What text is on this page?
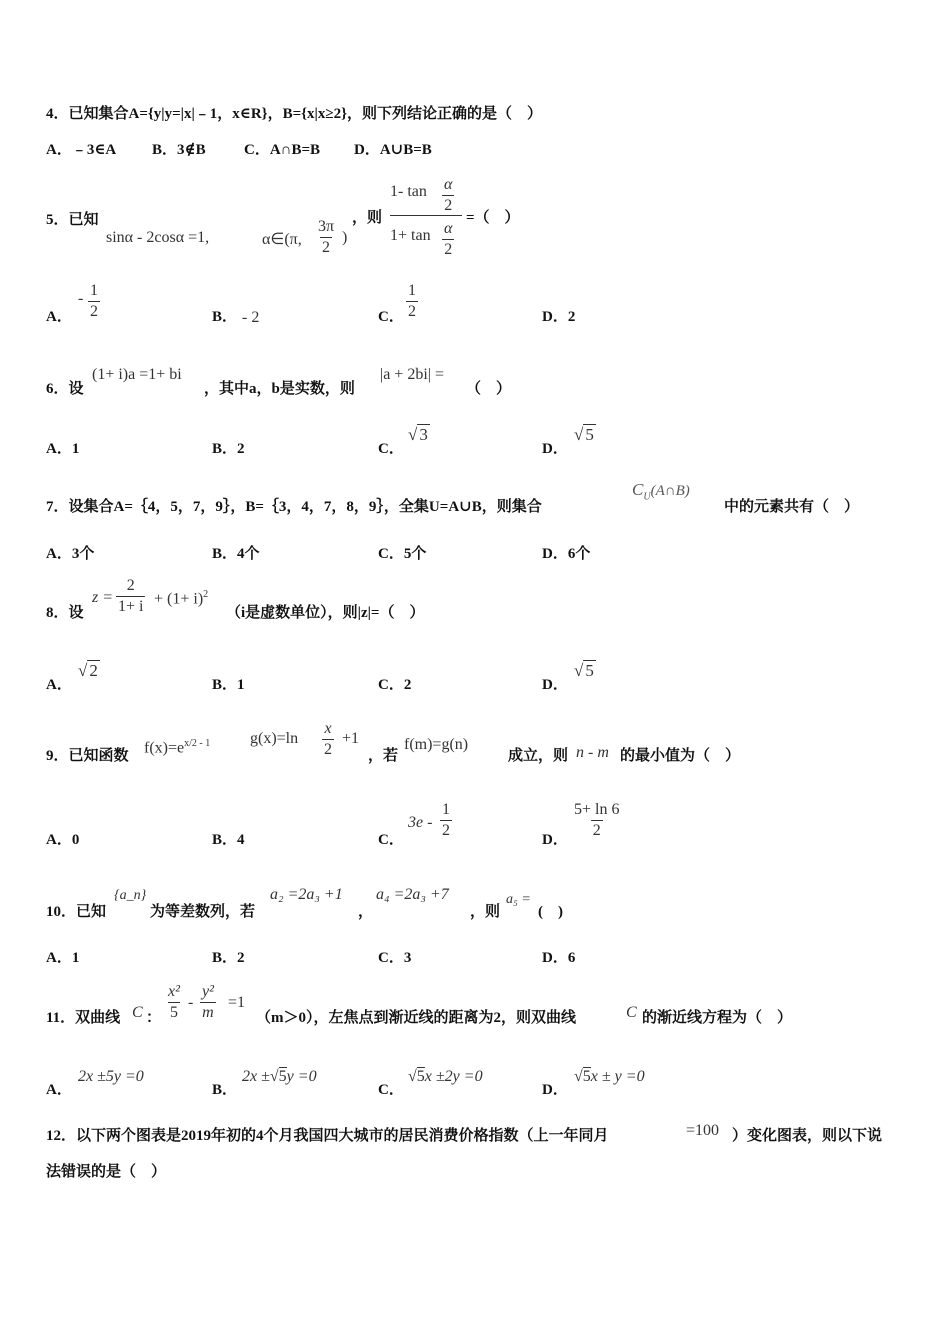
4．已知集合A={y|y=|x|﹣1，x∈R}，B={x|x≥2}，则下列结论正确的是（　）
A．﹣3∈A B．3∉B	C．A∩B=B D．A∪B=B
5．已知
sinα - 2cosα =1,	α∈(π, $\frac{3\pi}{2}$ )
，则
1- $\tan \frac{\alpha}{2}$
$1+ \tan \frac{\alpha}{2}$
=（　）
A．
- $\frac{1}{2}$	B． - 2	C． $\frac{1}{2}$	D．2
6．设
(1+ i)a =1+ bi
，其中a，b是实数，则
|a + 2bi| =
（　）
A．1	B．2	C．
√ 3
D．
√ 5
7．设集合A=｛4，5，7，9｝，B=｛3，4，7，8，9｝，全集U=A∪B，则集合
$C_U(A\cap B)$
中的元素共有（　）
A．3个	B．4个	C．5个	D．6个
8．设
$z = \frac{2}{1+ i} + (1+ i)^2$
（i是虚数单位），则|z|=（　）
A．
√ 2
B．1	C．2	D．
√ 5
9．已知函数 $f(x)=e^{x/2 - 1}$ $g(x)=\ln \frac{x}{2} +1$
，若
f(m)=g(n)
成立，则 n - m 的最小值为（　）
A．0	B．4	C．
$3e - \frac{1}{2}$	D． $\frac{5+ \ln 6}{2}$
10．已知
{a_n}
为等差数列，若
a₂ =2a₃ +1
，
a₄ =2a₃ +7
，则
a₅ =
(　)
A．1	B．2	C．3	D．6
11．双曲线 C ： $\frac{\text{x²}}{5} - \frac{\text{y²}}{m} =1$
（m＞0），左焦点到渐近线的距离为2，则双曲线	C 的渐近线方程为（　）
A．
2x ±5y =0
B．
2x ±√5y =0
C．
√5x ±2y =0
D．
√5x ± y =0
12．以下两个图表是2019年初的4个月我国四大城市的居民消费价格指数（上一年同月	=100 ）变化图表，则以下说
法错误的是（　）
